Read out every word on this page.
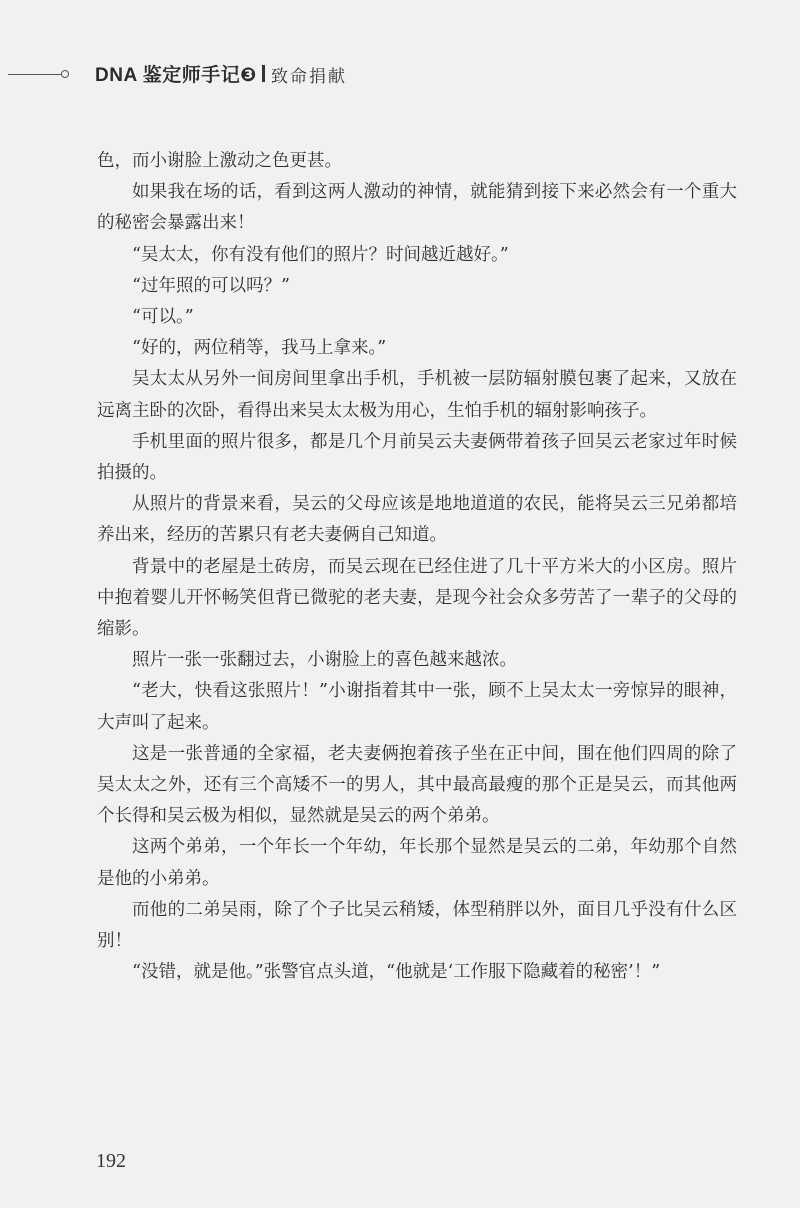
DNA 鉴定师手记❸ 致命捐献

色，而小谢脸上激动之色更甚。

如果我在场的话，看到这两人激动的神情，就能猜到接下来必然会有一个重大的秘密会暴露出来！

“吴太太，你有没有他们的照片？时间越近越好。”

“过年照的可以吗？”

“可以。”

“好的，两位稍等，我马上拿来。”

吴太太从另外一间房间里拿出手机，手机被一层防辐射膜包裹了起来，又放在远离主卧的次卧，看得出来吴太太极为用心，生怕手机的辐射影响孩子。

手机里面的照片很多，都是几个月前吴云夫妻俩带着孩子回吴云老家过年时候拍摄的。

从照片的背景来看，吴云的父母应该是地地道道的农民，能将吴云三兄弟都培养出来，经历的苦累只有老夫妻俩自己知道。

背景中的老屋是土砖房，而吴云现在已经住进了几十平方米大的小区房。照片中抱着婴儿开怀畅笑但背已微驼的老夫妻，是现今社会众多劳苦了一辈子的父母的缩影。

照片一张一张翻过去，小谢脸上的喜色越来越浓。

“老大，快看这张照片！”小谢指着其中一张，顾不上吴太太一旁惊异的眼神，大声叫了起来。

这是一张普通的全家福，老夫妻俩抱着孩子坐在正中间，围在他们四周的除了吴太太之外，还有三个高矮不一的男人，其中最高最瘦的那个正是吴云，而其他两个长得和吴云极为相似，显然就是吴云的两个弟弟。

这两个弟弟，一个年长一个年幼，年长那个显然是吴云的二弟，年幼那个自然是他的小弟弟。

而他的二弟吴雨，除了个子比吴云稍矮，体型稍胖以外，面目几乎没有什么区别！

“没错，就是他。”张警官点头道，“他就是‘工作服下隐藏着的秘密’！”

192
